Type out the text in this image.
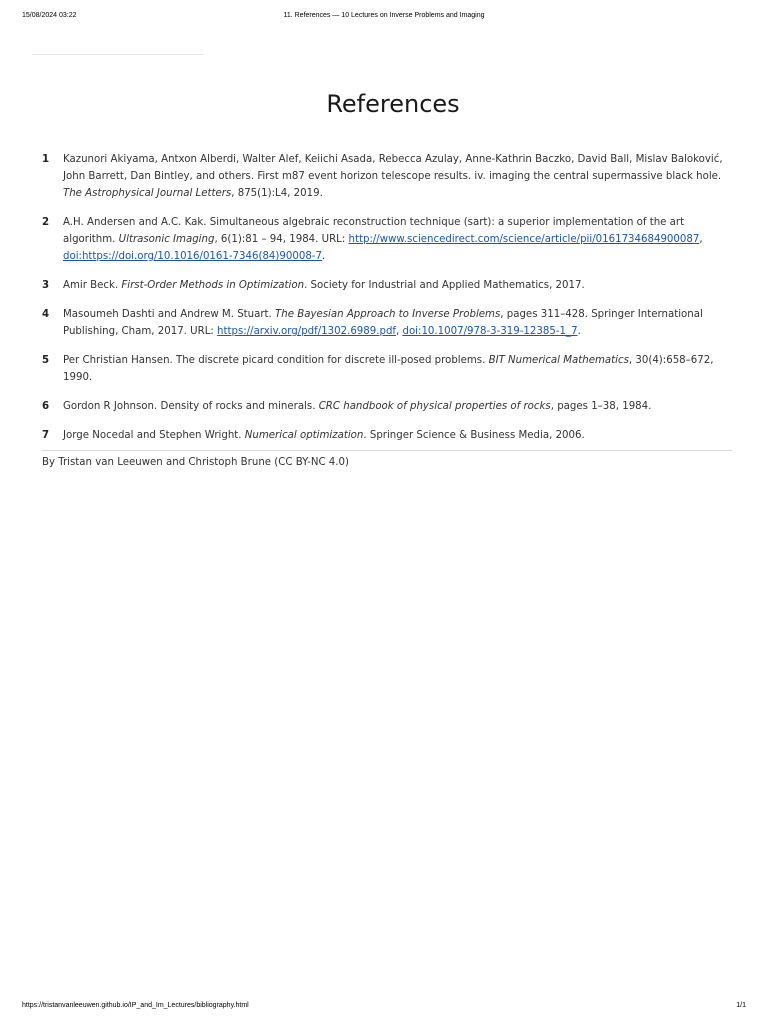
15/08/2024 03:22	11. References — 10 Lectures on Inverse Problems and Imaging
References
1	Kazunori Akiyama, Antxon Alberdi, Walter Alef, Keiichi Asada, Rebecca Azulay, Anne-Kathrin Baczko, David Ball, Mislav Baloković, John Barrett, Dan Bintley, and others. First m87 event horizon telescope results. iv. imaging the central supermassive black hole. The Astrophysical Journal Letters, 875(1):L4, 2019.
2	A.H. Andersen and A.C. Kak. Simultaneous algebraic reconstruction technique (sart): a superior implementation of the art algorithm. Ultrasonic Imaging, 6(1):81 – 94, 1984. URL: http://www.sciencedirect.com/science/article/pii/0161734684900087, doi:https://doi.org/10.1016/0161-7346(84)90008-7.
3	Amir Beck. First-Order Methods in Optimization. Society for Industrial and Applied Mathematics, 2017.
4	Masoumeh Dashti and Andrew M. Stuart. The Bayesian Approach to Inverse Problems, pages 311–428. Springer International Publishing, Cham, 2017. URL: https://arxiv.org/pdf/1302.6989.pdf, doi:10.1007/978-3-319-12385-1_7.
5	Per Christian Hansen. The discrete picard condition for discrete ill-posed problems. BIT Numerical Mathematics, 30(4):658–672, 1990.
6	Gordon R Johnson. Density of rocks and minerals. CRC handbook of physical properties of rocks, pages 1–38, 1984.
7	Jorge Nocedal and Stephen Wright. Numerical optimization. Springer Science & Business Media, 2006.
By Tristan van Leeuwen and Christoph Brune (CC BY-NC 4.0)
https://tristanvanleeuwen.github.io/IP_and_Im_Lectures/bibliography.html	1/1
